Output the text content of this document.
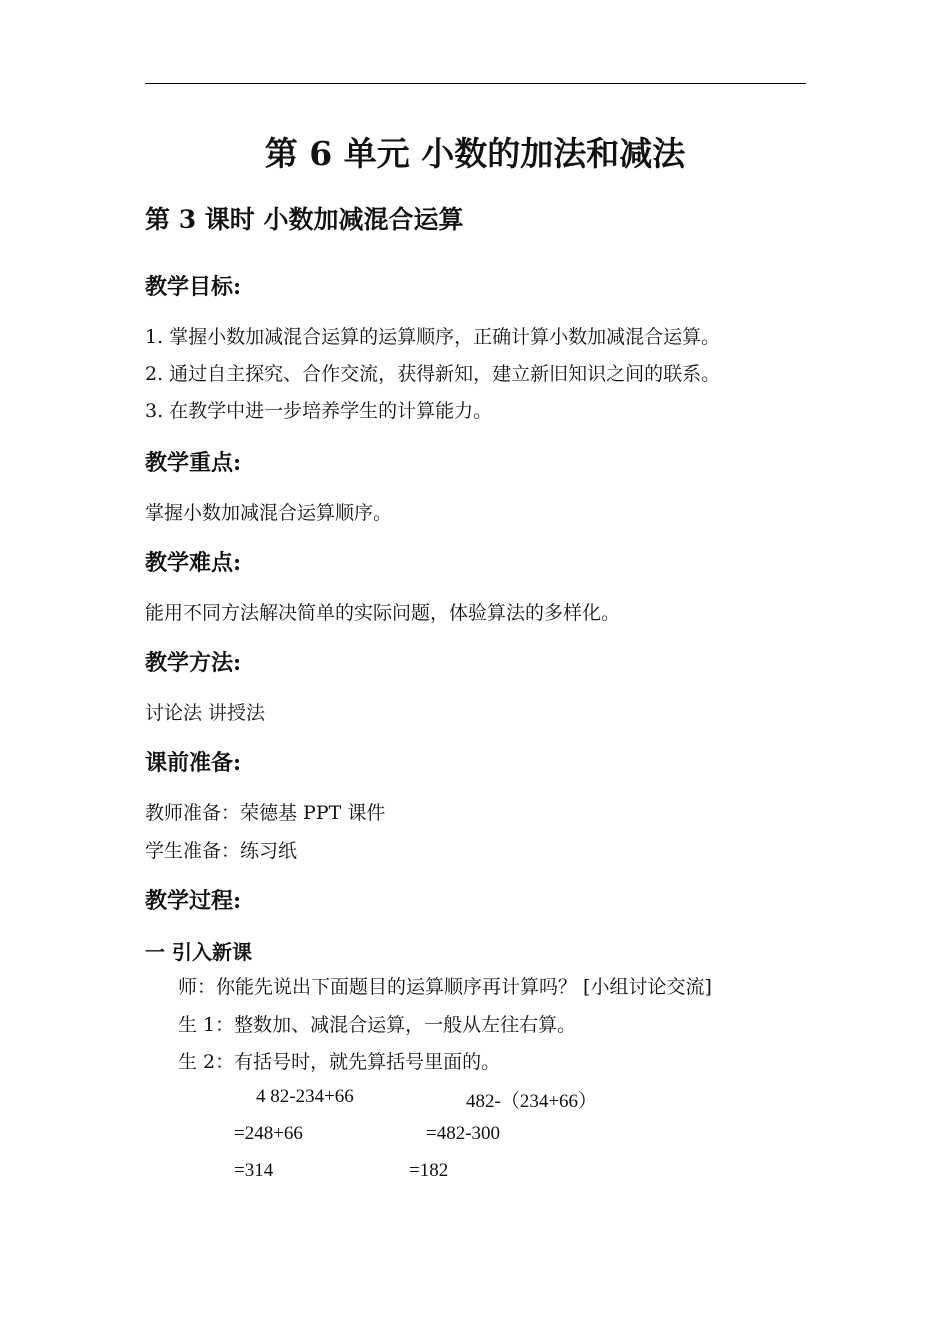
第 6 单元 小数的加法和减法
第 3 课时 小数加减混合运算
教学目标:

1. 掌握小数加减混合运算的运算顺序，正确计算小数加减混合运算。

2. 通过自主探究、合作交流，获得新知，建立新旧知识之间的联系。

3. 在教学中进一步培养学生的计算能力。

教学重点:

掌握小数加减混合运算顺序。

教学难点:

能用不同方法解决简单的实际问题，体验算法的多样化。

教学方法:

讨论法 讲授法

课前准备:

教师准备：荣德基 PPT 课件

学生准备：练习纸

教学过程:
一 引入新课

师：你能先说出下面题目的运算顺序再计算吗？ [小组讨论交流]

生 1：整数加、减混合运算，一般从左往右算。

生 2：有括号时，就先算括号里面的。

4 82-234+66

=248+66

=314

482-（234+66）

=482-300

=182
